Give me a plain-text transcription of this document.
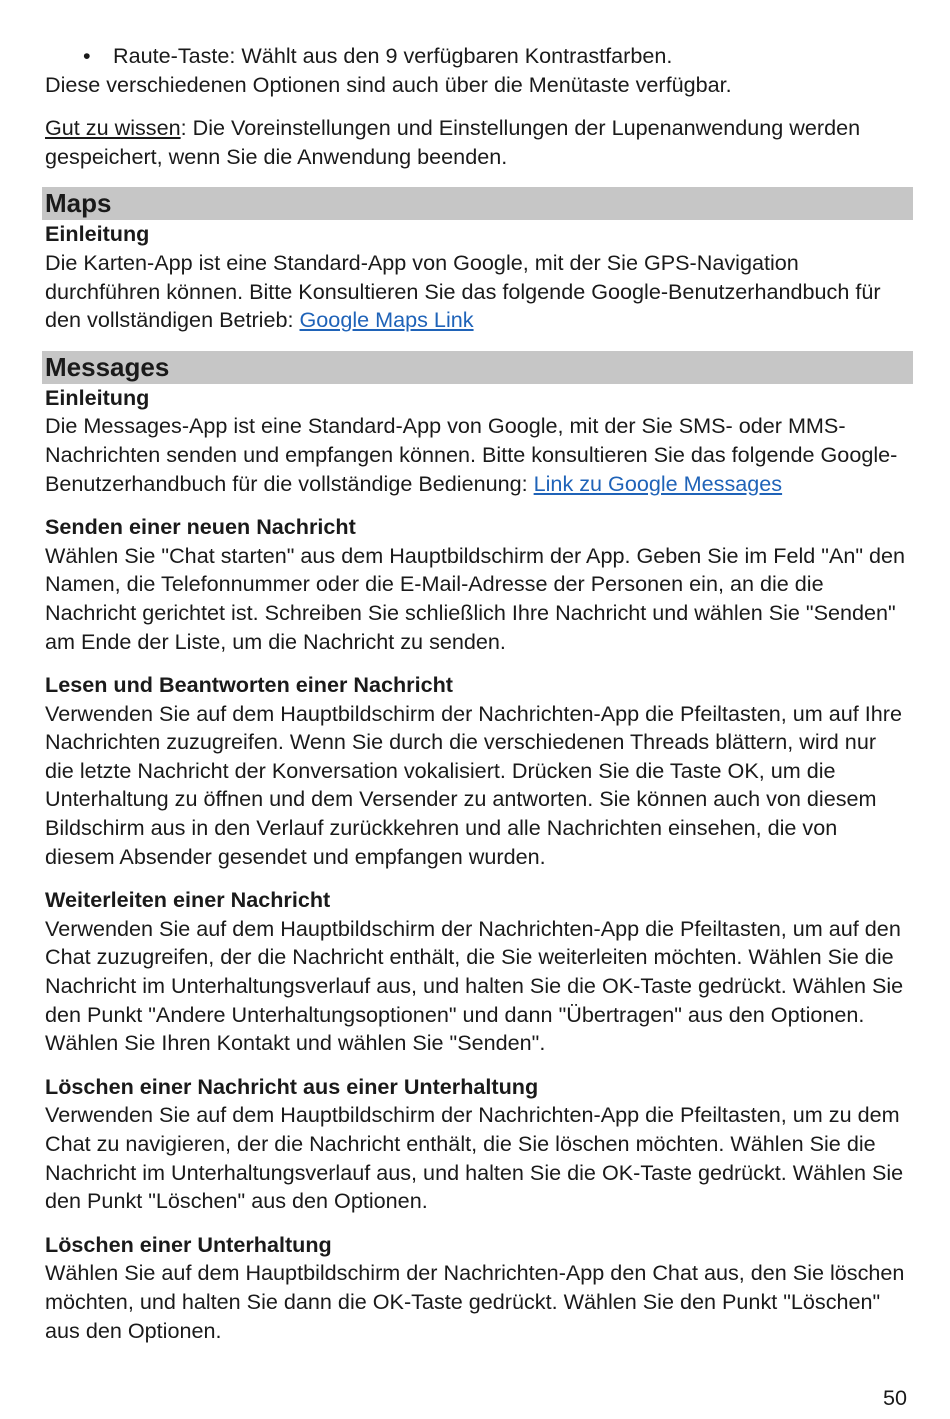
• Raute-Taste: Wählt aus den 9 verfügbaren Kontrastfarben.

Diese verschiedenen Optionen sind auch über die Menütaste verfügbar.

Gut zu wissen: Die Voreinstellungen und Einstellungen der Lupenanwendung werden gespeichert, wenn Sie die Anwendung beenden.

Maps

Einleitung

Die Karten-App ist eine Standard-App von Google, mit der Sie GPS-Navigation durchführen können. Bitte Konsultieren Sie das folgende Google-Benutzerhandbuch für den vollständigen Betrieb: Google Maps Link

Messages

Einleitung

Die Messages-App ist eine Standard-App von Google, mit der Sie SMS- oder MMS-Nachrichten senden und empfangen können. Bitte konsultieren Sie das folgende Google-Benutzerhandbuch für die vollständige Bedienung: Link zu Google Messages

Senden einer neuen Nachricht

Wählen Sie "Chat starten" aus dem Hauptbildschirm der App. Geben Sie im Feld "An" den Namen, die Telefonnummer oder die E-Mail-Adresse der Personen ein, an die die Nachricht gerichtet ist. Schreiben Sie schließlich Ihre Nachricht und wählen Sie "Senden" am Ende der Liste, um die Nachricht zu senden.

Lesen und Beantworten einer Nachricht

Verwenden Sie auf dem Hauptbildschirm der Nachrichten-App die Pfeiltasten, um auf Ihre Nachrichten zuzugreifen. Wenn Sie durch die verschiedenen Threads blättern, wird nur die letzte Nachricht der Konversation vokalisiert. Drücken Sie die Taste OK, um die Unterhaltung zu öffnen und dem Versender zu antworten. Sie können auch von diesem Bildschirm aus in den Verlauf zurückkehren und alle Nachrichten einsehen, die von diesem Absender gesendet und empfangen wurden.

Weiterleiten einer Nachricht

Verwenden Sie auf dem Hauptbildschirm der Nachrichten-App die Pfeiltasten, um auf den Chat zuzugreifen, der die Nachricht enthält, die Sie weiterleiten möchten. Wählen Sie die Nachricht im Unterhaltungsverlauf aus, und halten Sie die OK-Taste gedrückt. Wählen Sie den Punkt "Andere Unterhaltungsoptionen" und dann "Übertragen" aus den Optionen. Wählen Sie Ihren Kontakt und wählen Sie "Senden".

Löschen einer Nachricht aus einer Unterhaltung

Verwenden Sie auf dem Hauptbildschirm der Nachrichten-App die Pfeiltasten, um zu dem Chat zu navigieren, der die Nachricht enthält, die Sie löschen möchten. Wählen Sie die Nachricht im Unterhaltungsverlauf aus, und halten Sie die OK-Taste gedrückt. Wählen Sie den Punkt "Löschen" aus den Optionen.

Löschen einer Unterhaltung

Wählen Sie auf dem Hauptbildschirm der Nachrichten-App den Chat aus, den Sie löschen möchten, und halten Sie dann die OK-Taste gedrückt. Wählen Sie den Punkt "Löschen" aus den Optionen.

50
